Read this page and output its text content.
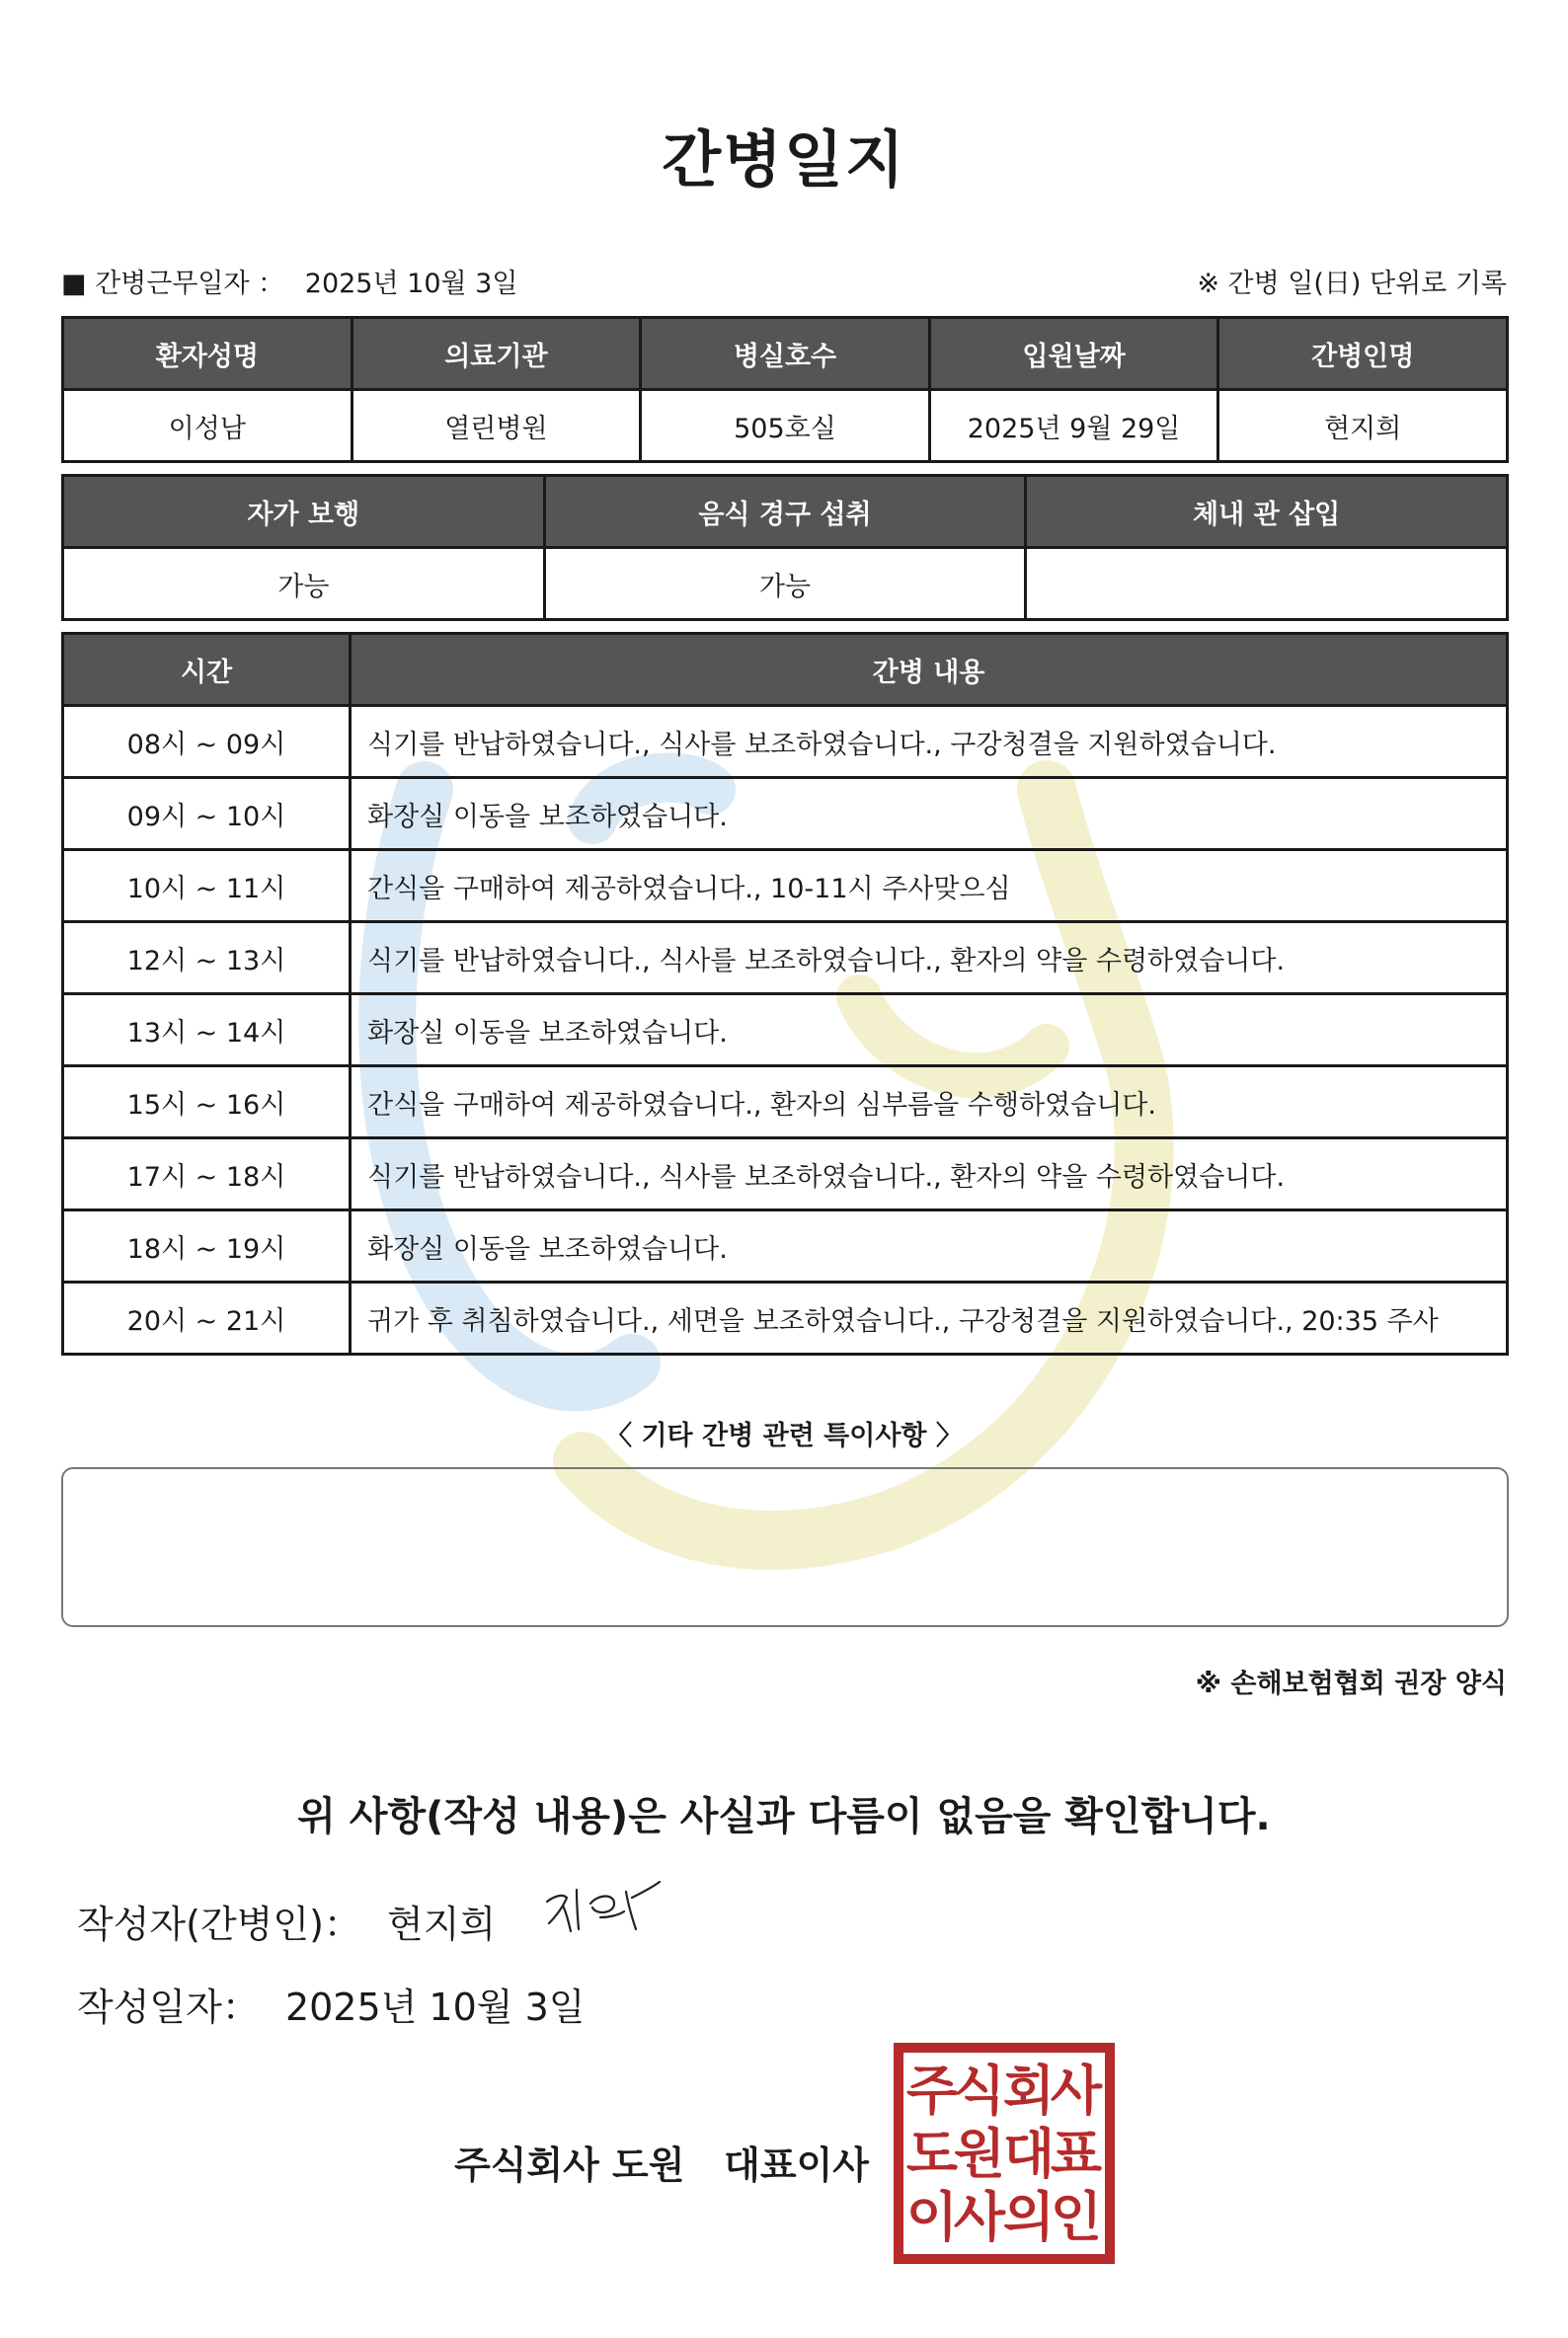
간병일지
■ 간병근무일자 ： 2025년 10월 3일	※ 간병 일(日) 단위로 기록
환자성명	의료기관	병실호수	입원날짜	간병인명
이성남	열린병원	505호실	2025년 9월 29일	현지희
자가 보행	음식 경구 섭취	체내 관 삽입
가능	가능	
시간	간병 내용
08시 ~ 09시	식기를 반납하였습니다., 식사를 보조하였습니다., 구강청결을 지원하였습니다.
09시 ~ 10시	화장실 이동을 보조하였습니다.
10시 ~ 11시	간식을 구매하여 제공하였습니다., 10-11시 주사맞으심
12시 ~ 13시	식기를 반납하였습니다., 식사를 보조하였습니다., 환자의 약을 수령하였습니다.
13시 ~ 14시	화장실 이동을 보조하였습니다.
15시 ~ 16시	간식을 구매하여 제공하였습니다., 환자의 심부름을 수행하였습니다.
17시 ~ 18시	식기를 반납하였습니다., 식사를 보조하였습니다., 환자의 약을 수령하였습니다.
18시 ~ 19시	화장실 이동을 보조하였습니다.
20시 ~ 21시	귀가 후 취침하였습니다., 세면을 보조하였습니다., 구강청결을 지원하였습니다., 20:35 주사
〈 기타 간병 관련 특이사항 〉
※ 손해보험협회 권장 양식
위 사항(작성 내용)은 사실과 다름이 없음을 확인합니다.
작성자(간병인)： 현지희
작성일자： 2025년 10월 3일
주식회사 도원   대표이사
주
식
회
사
도
원
대
표
이
사
의
인
